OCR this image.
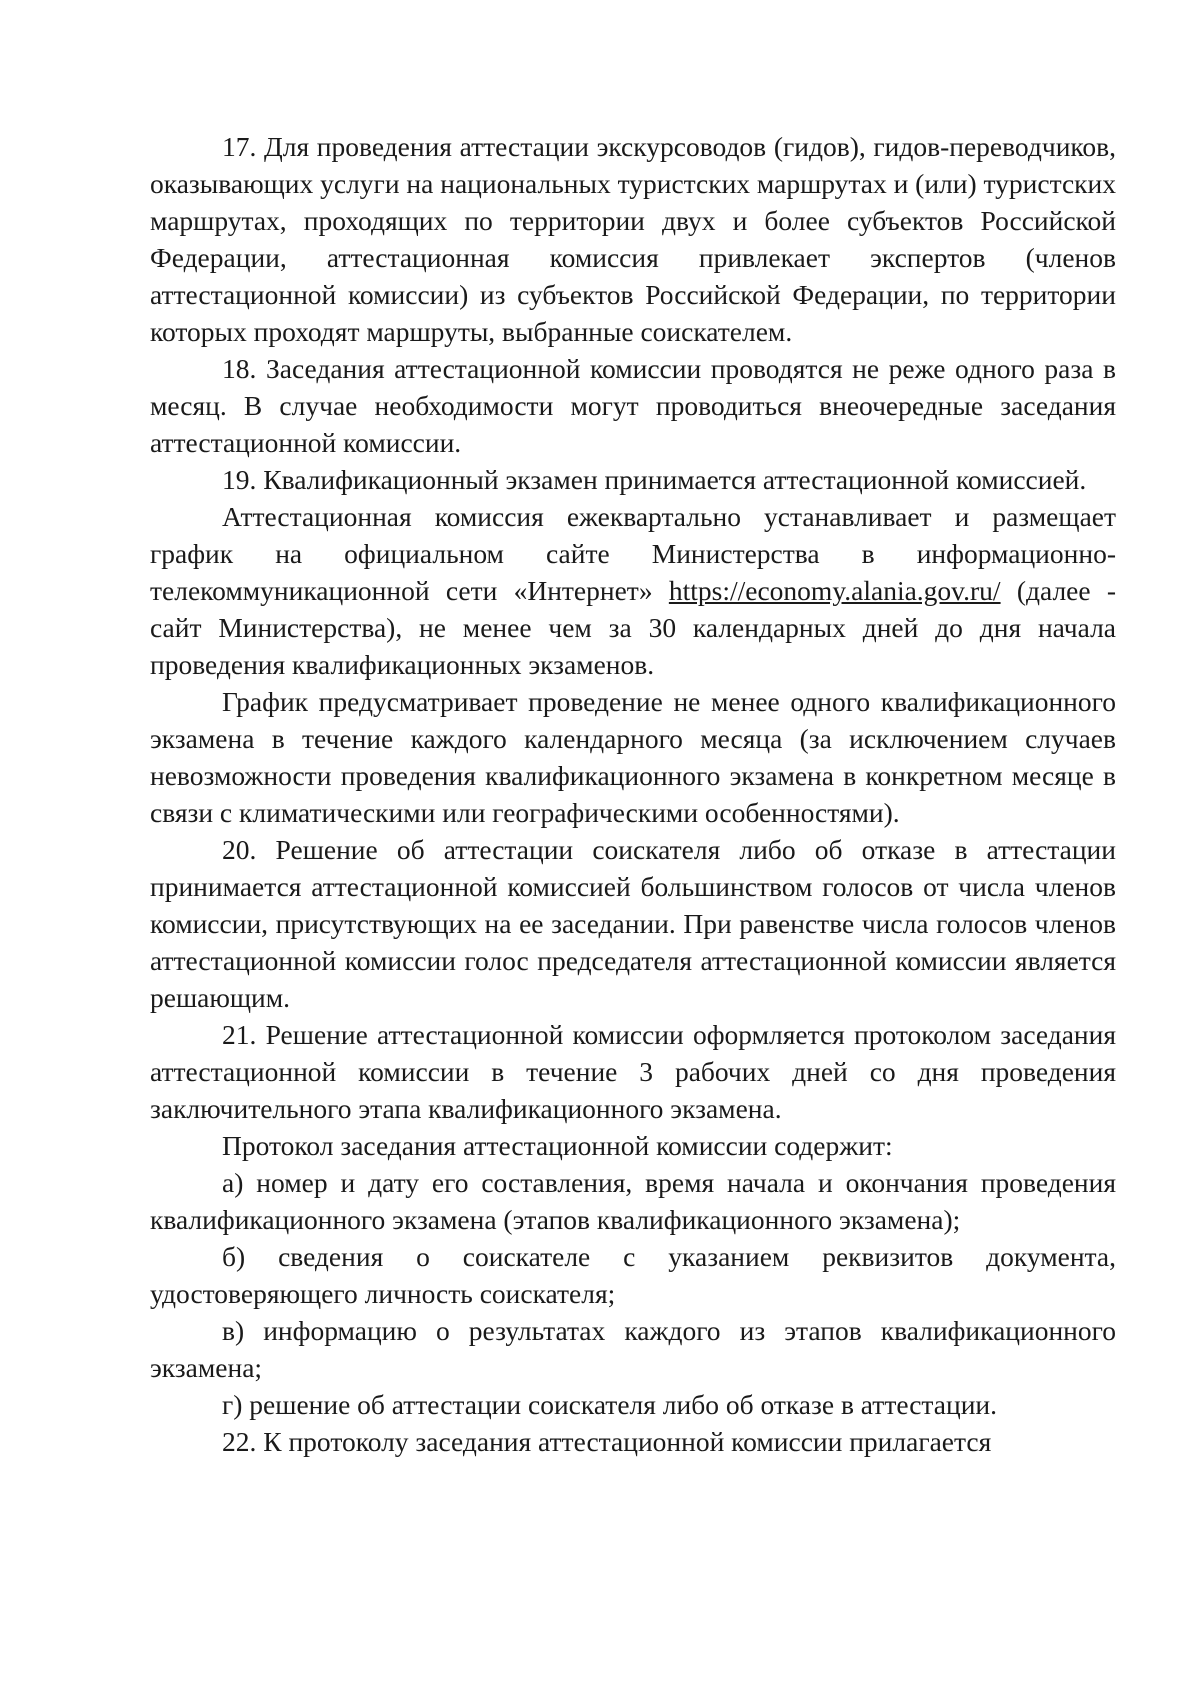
17. Для проведения аттестации экскурсоводов (гидов), гидов-переводчиков, оказывающих услуги на национальных туристских маршрутах и (или) туристских маршрутах, проходящих по территории двух и более субъектов Российской Федерации, аттестационная комиссия привлекает экспертов (членов аттестационной комиссии) из субъектов Российской Федерации, по территории которых проходят маршруты, выбранные соискателем.

18. Заседания аттестационной комиссии проводятся не реже одного раза в месяц. В случае необходимости могут проводиться внеочередные заседания аттестационной комиссии.

19. Квалификационный экзамен принимается аттестационной комиссией.

Аттестационная комиссия ежеквартально устанавливает и размещает график на официальном сайте Министерства в информационно-телекоммуникационной сети «Интернет» https://economy.alania.gov.ru/ (далее - сайт Министерства), не менее чем за 30 календарных дней до дня начала проведения квалификационных экзаменов.

График предусматривает проведение не менее одного квалификационного экзамена в течение каждого календарного месяца (за исключением случаев невозможности проведения квалификационного экзамена в конкретном месяце в связи с климатическими или географическими особенностями).

20. Решение об аттестации соискателя либо об отказе в аттестации принимается аттестационной комиссией большинством голосов от числа членов комиссии, присутствующих на ее заседании. При равенстве числа голосов членов аттестационной комиссии голос председателя аттестационной комиссии является решающим.

21. Решение аттестационной комиссии оформляется протоколом заседания аттестационной комиссии в течение 3 рабочих дней со дня проведения заключительного этапа квалификационного экзамена.

Протокол заседания аттестационной комиссии содержит:

а) номер и дату его составления, время начала и окончания проведения квалификационного экзамена (этапов квалификационного экзамена);

б) сведения о соискателе с указанием реквизитов документа, удостоверяющего личность соискателя;

в) информацию о результатах каждого из этапов квалификационного экзамена;

г) решение об аттестации соискателя либо об отказе в аттестации.

22. К протоколу заседания аттестационной комиссии прилагается
